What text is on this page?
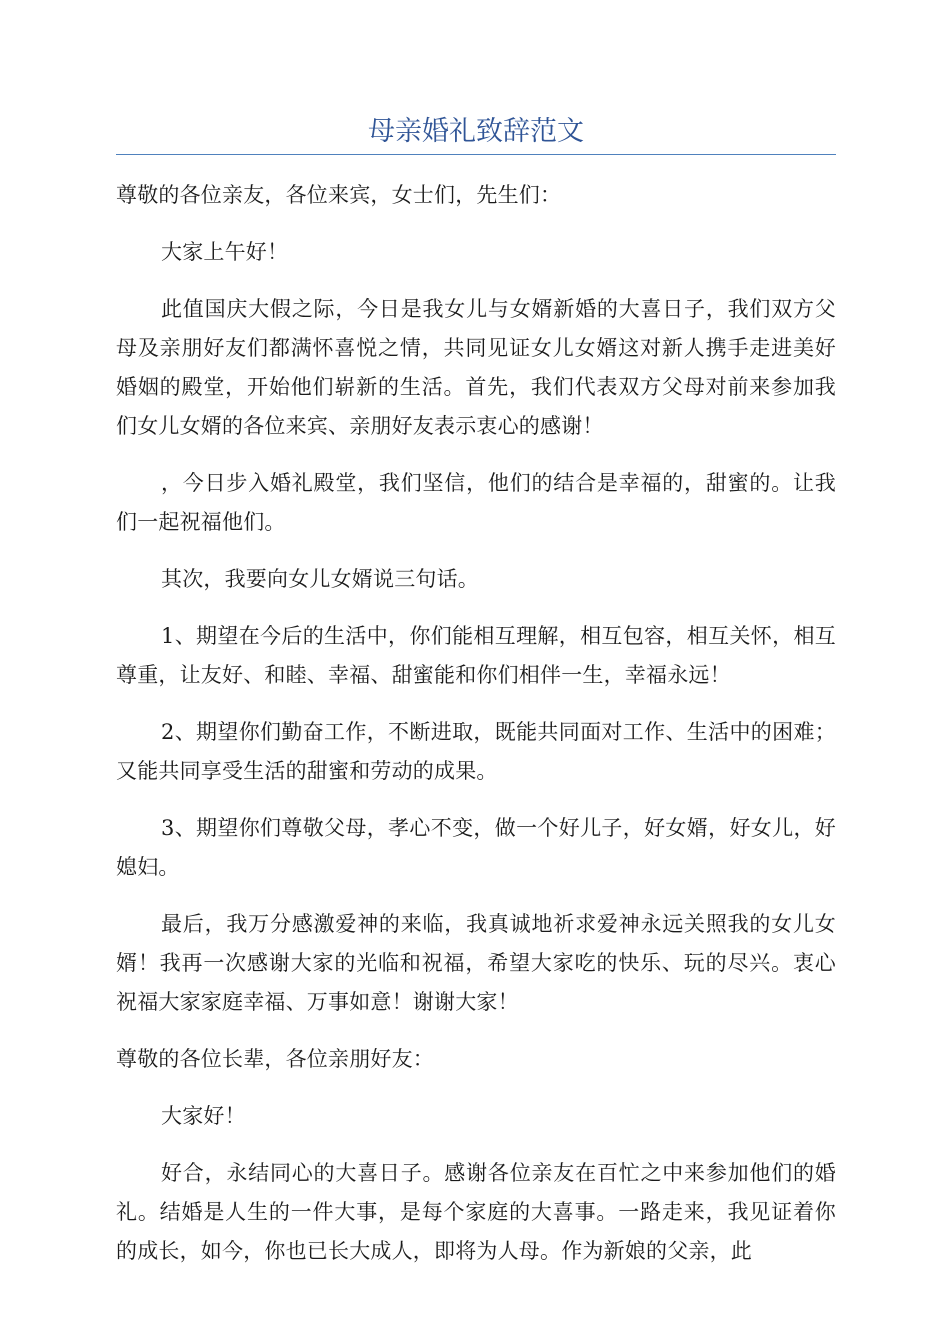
母亲婚礼致辞范文

尊敬的各位亲友，各位来宾，女士们，先生们：

大家上午好！

此值国庆大假之际，今日是我女儿与女婿新婚的大喜日子，我们双方父母及亲朋好友们都满怀喜悦之情，共同见证女儿女婿这对新人携手走进美好婚姻的殿堂，开始他们崭新的生活。首先，我们代表双方父母对前来参加我们女儿女婿的各位来宾、亲朋好友表示衷心的感谢！

，今日步入婚礼殿堂，我们坚信，他们的结合是幸福的，甜蜜的。让我们一起祝福他们。

其次，我要向女儿女婿说三句话。

1、期望在今后的生活中，你们能相互理解，相互包容，相互关怀，相互尊重，让友好、和睦、幸福、甜蜜能和你们相伴一生，幸福永远！

2、期望你们勤奋工作，不断进取，既能共同面对工作、生活中的困难；又能共同享受生活的甜蜜和劳动的成果。

3、期望你们尊敬父母，孝心不变，做一个好儿子，好女婿，好女儿，好媳妇。

最后，我万分感激爱神的来临，我真诚地祈求爱神永远关照我的女儿女婿！我再一次感谢大家的光临和祝福，希望大家吃的快乐、玩的尽兴。衷心祝福大家家庭幸福、万事如意！谢谢大家！

尊敬的各位长辈，各位亲朋好友：

大家好！

好合，永结同心的大喜日子。感谢各位亲友在百忙之中来参加他们的婚礼。结婚是人生的一件大事，是每个家庭的大喜事。一路走来，我见证着你的成长，如今，你也已长大成人，即将为人母。作为新娘的父亲，此
